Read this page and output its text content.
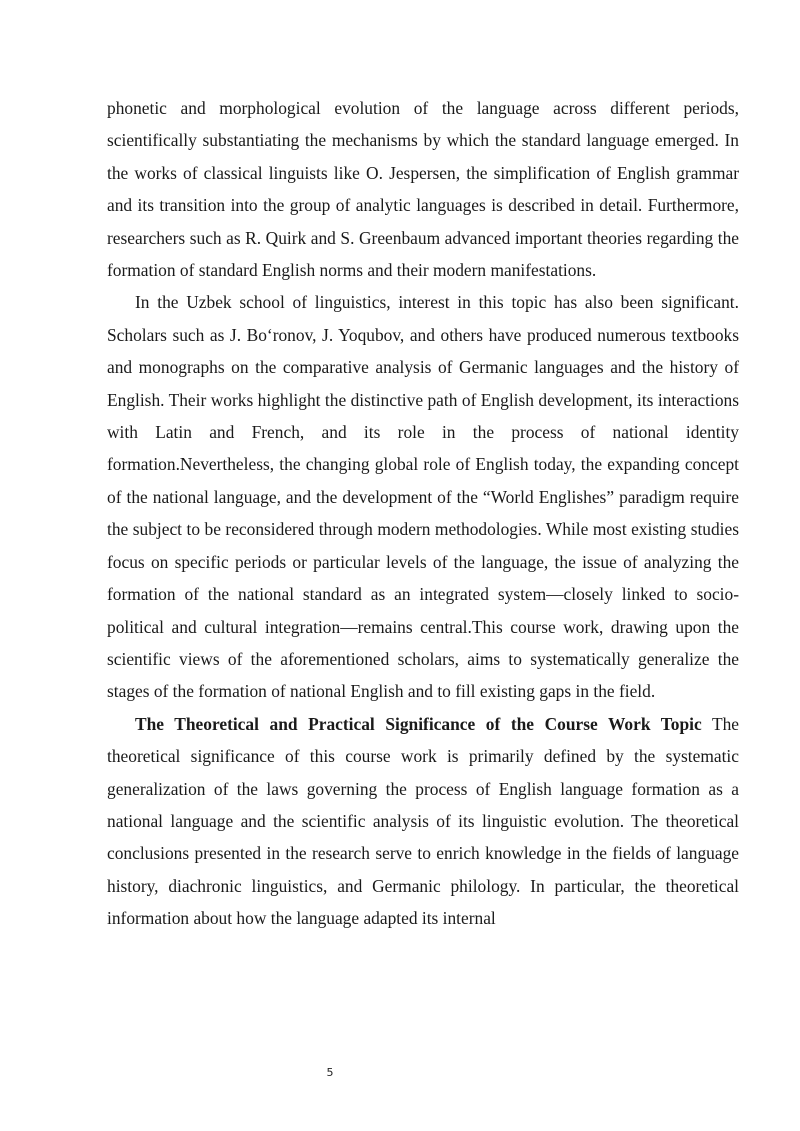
phonetic and morphological evolution of the language across different periods, scientifically substantiating the mechanisms by which the standard language emerged. In the works of classical linguists like O. Jespersen, the simplification of English grammar and its transition into the group of analytic languages is described in detail. Furthermore, researchers such as R. Quirk and S. Greenbaum advanced important theories regarding the formation of standard English norms and their modern manifestations.

In the Uzbek school of linguistics, interest in this topic has also been significant. Scholars such as J. Bo‘ronov, J. Yoqubov, and others have produced numerous textbooks and monographs on the comparative analysis of Germanic languages and the history of English. Their works highlight the distinctive path of English development, its interactions with Latin and French, and its role in the process of national identity formation.Nevertheless, the changing global role of English today, the expanding concept of the national language, and the development of the “World Englishes” paradigm require the subject to be reconsidered through modern methodologies. While most existing studies focus on specific periods or particular levels of the language, the issue of analyzing the formation of the national standard as an integrated system—closely linked to socio-political and cultural integration—remains central.This course work, drawing upon the scientific views of the aforementioned scholars, aims to systematically generalize the stages of the formation of national English and to fill existing gaps in the field.

The Theoretical and Practical Significance of the Course Work Topic The theoretical significance of this course work is primarily defined by the systematic generalization of the laws governing the process of English language formation as a national language and the scientific analysis of its linguistic evolution. The theoretical conclusions presented in the research serve to enrich knowledge in the fields of language history, diachronic linguistics, and Germanic philology. In particular, the theoretical information about how the language adapted its internal

5
